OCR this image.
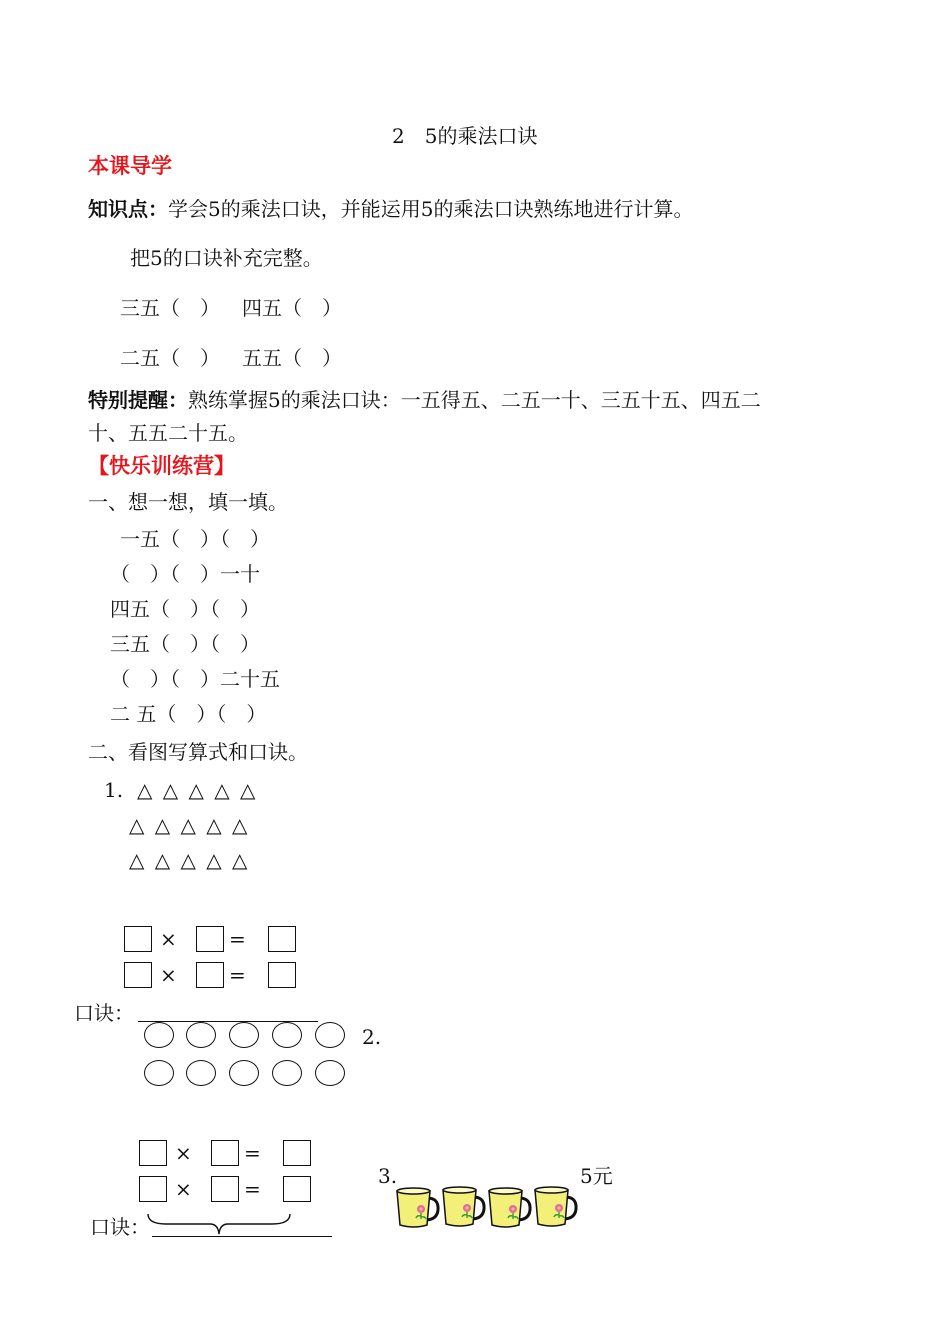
2　5的乘法口诀
本课导学
知识点：学会5的乘法口诀，并能运用5的乘法口诀熟练地进行计算。
把5的口诀补充完整。
三五（　） 四五（　）
二五（　） 五五（　）
特别提醒：熟练掌握5的乘法口诀：一五得五、二五一十、三五十五、四五二
十、五五二十五。
【快乐训练营】
一、想一想，填一填。
一五（　）（　）
（　）（　）一十
四五（　）（　）
三五（　）（　）
（　）（　）二十五
二 五（　）（　）
二、看图写算式和口诀。
1. △ △ △ △ △
△ △ △ △ △
△ △ △ △ △
×	=
×	=
口诀：
2.
×	=
×	=
口诀：
3.	5元
